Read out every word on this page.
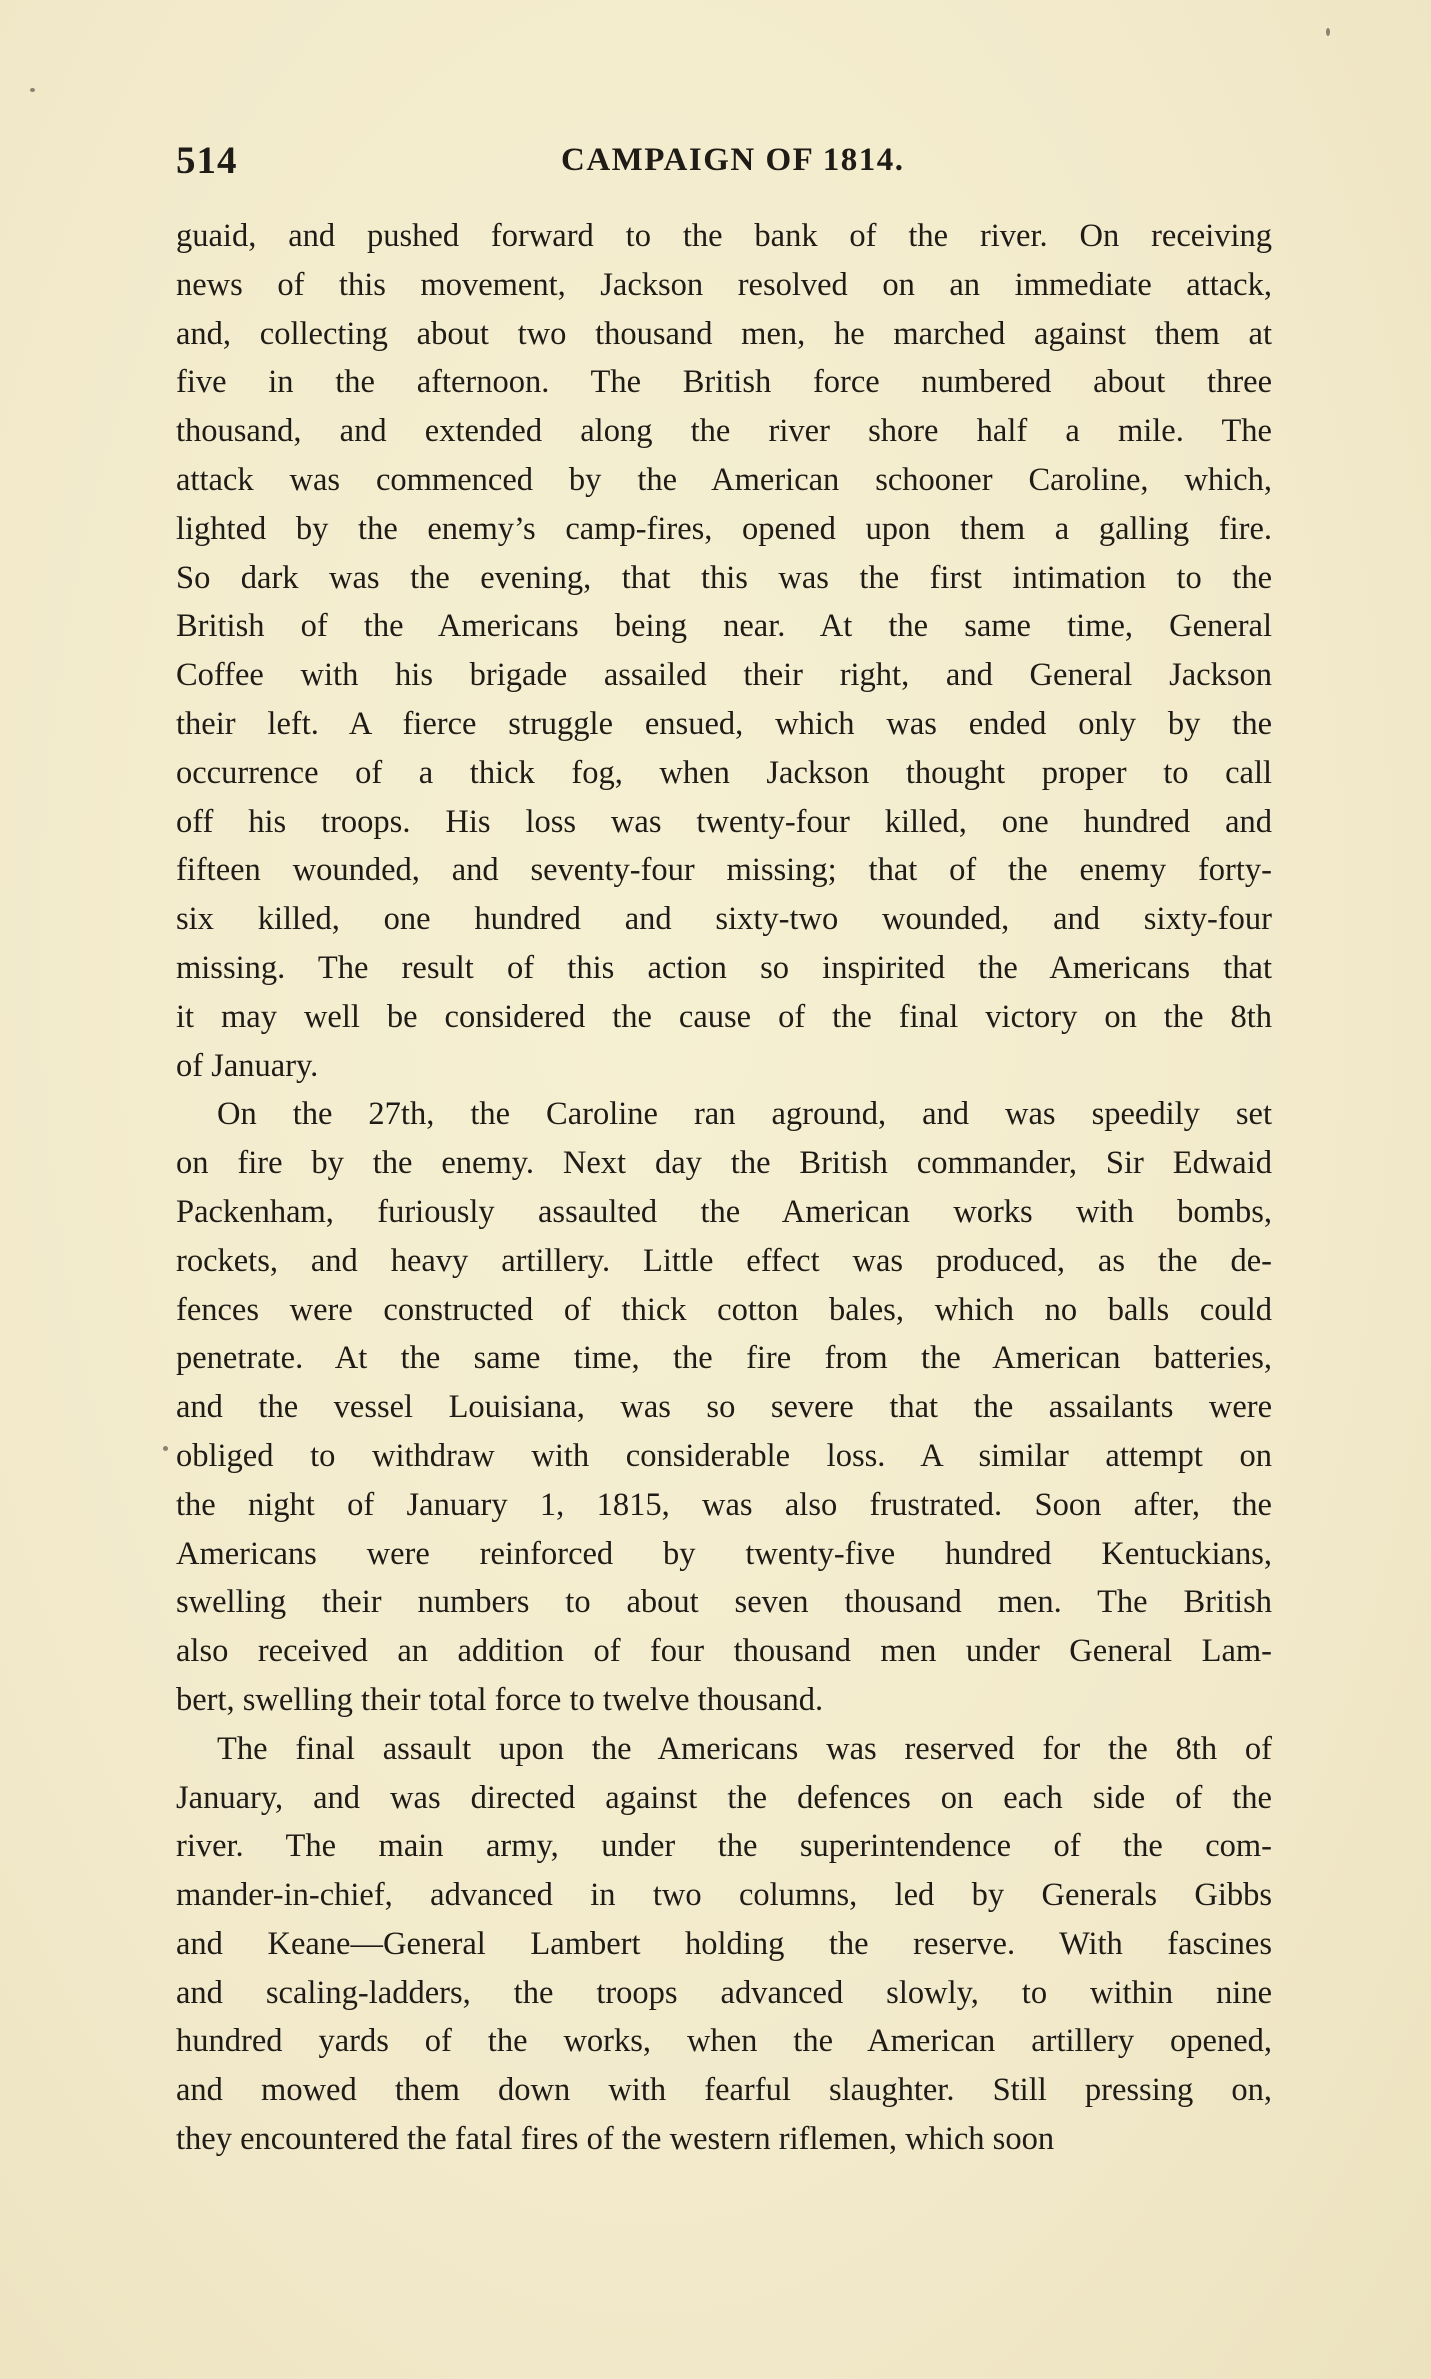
514	CAMPAIGN OF 1814.
guaid, and pushed forward to the bank of the river. On receiving
news of this movement, Jackson resolved on an immediate attack,
and, collecting about two thousand men, he marched against them at
five in the afternoon. The British force numbered about three
thousand, and extended along the river shore half a mile. The
attack was commenced by the American schooner Caroline, which,
lighted by the enemy’s camp-fires, opened upon them a galling fire.
So dark was the evening, that this was the first intimation to the
British of the Americans being near. At the same time, General
Coffee with his brigade assailed their right, and General Jackson
their left. A fierce struggle ensued, which was ended only by the
occurrence of a thick fog, when Jackson thought proper to call
off his troops. His loss was twenty-four killed, one hundred and
fifteen wounded, and seventy-four missing; that of the enemy forty-
six killed, one hundred and sixty-two wounded, and sixty-four
missing. The result of this action so inspirited the Americans that
it may well be considered the cause of the final victory on the 8th
of January.
On the 27th, the Caroline ran aground, and was speedily set
on fire by the enemy. Next day the British commander, Sir Edwaid
Packenham, furiously assaulted the American works with bombs,
rockets, and heavy artillery. Little effect was produced, as the de-
fences were constructed of thick cotton bales, which no balls could
penetrate. At the same time, the fire from the American batteries,
and the vessel Louisiana, was so severe that the assailants were
obliged to withdraw with considerable loss. A similar attempt on
the night of January 1, 1815, was also frustrated. Soon after, the
Americans were reinforced by twenty-five hundred Kentuckians,
swelling their numbers to about seven thousand men. The British
also received an addition of four thousand men under General Lam-
bert, swelling their total force to twelve thousand.
The final assault upon the Americans was reserved for the 8th of
January, and was directed against the defences on each side of the
river. The main army, under the superintendence of the com-
mander-in-chief, advanced in two columns, led by Generals Gibbs
and Keane—General Lambert holding the reserve. With fascines
and scaling-ladders, the troops advanced slowly, to within nine
hundred yards of the works, when the American artillery opened,
and mowed them down with fearful slaughter. Still pressing on,
they encountered the fatal fires of the western riflemen, which soon
